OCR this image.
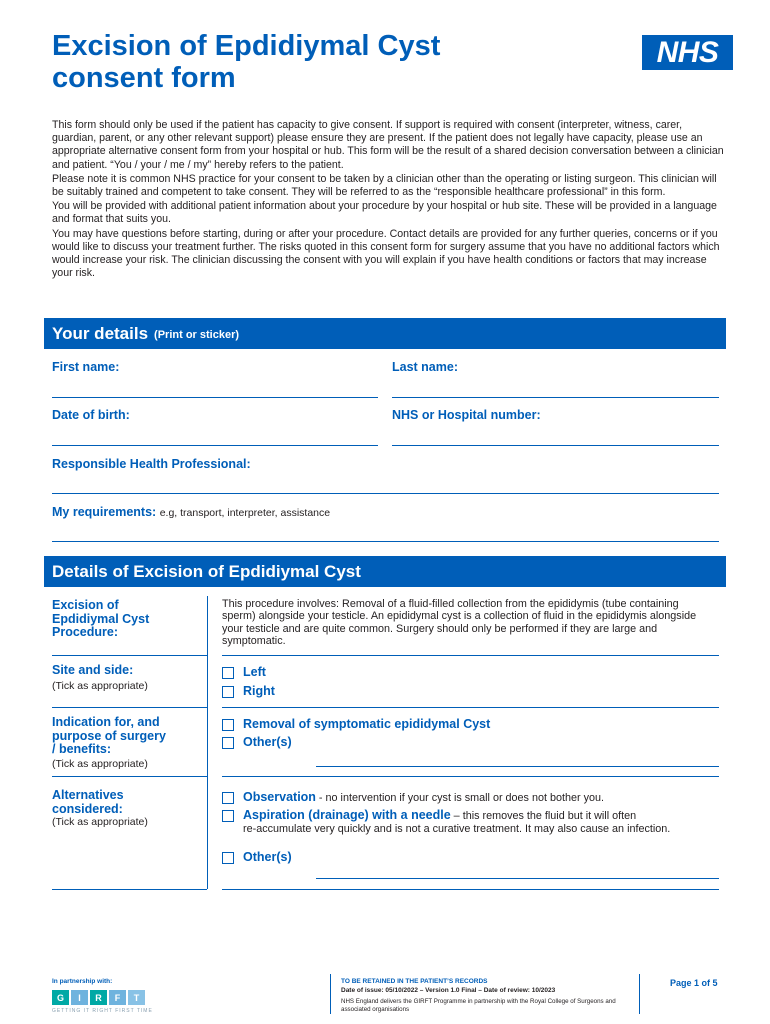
Excision of Epdidiymal Cyst
consent form
NHS

This form should only be used if the patient has capacity to give consent. If support is required with consent (interpreter, witness, carer, guardian, parent, or any other relevant support) please ensure they are present. If the patient does not legally have capacity, please use an appropriate alternative consent form from your hospital or hub. This form will be the result of a shared decision conversation between a clinician and patient. “You / your / me / my” hereby refers to the patient.

Please note it is common NHS practice for your consent to be taken by a clinician other than the operating or listing surgeon. This clinician will be suitably trained and competent to take consent. They will be referred to as the “responsible healthcare professional” in this form.

You will be provided with additional patient information about your procedure by your hospital or hub site. These will be provided in a language and format that suits you.

You may have questions before starting, during or after your procedure. Contact details are provided for any further queries, concerns or if you would like to discuss your treatment further. The risks quoted in this consent form for surgery assume that you have no additional factors which would increase your risk. The clinician discussing the consent with you will explain if you have health conditions or factors that may increase your risk.

Your details (Print or sticker)
First name:	Last name:
Date of birth:	NHS or Hospital number:
Responsible Health Professional:
My requirements: e.g, transport, interpreter, assistance
Details of Excision of Epdidiymal Cyst
Excision of
Epdidiymal Cyst
Procedure:
This procedure involves: Removal of a fluid-filled collection from the epididymis (tube containing sperm) alongside your testicle. An epididymal cyst is a collection of fluid in the epididymis alongside your testicle and are quite common. Surgery should only be performed if they are large and symptomatic.
Site and side:
(Tick as appropriate)
Left
Right
Indication for, and
purpose of surgery
/ benefits:
(Tick as appropriate)
Removal of symptomatic epididymal Cyst
Other(s)
Alternatives
considered:
(Tick as appropriate)
Observation - no intervention if your cyst is small or does not bother you.
Aspiration (drainage) with a needle – this removes the fluid but it will often
re-accumulate very quickly and is not a curative treatment. It may also cause an infection.
Other(s)
In partnership with:
G	I	R	F	T
GETTING IT RIGHT FIRST TIME
TO BE RETAINED IN THE PATIENT’S RECORDS
Date of issue: 05/10/2022 – Version 1.0 Final – Date of review: 10/2023
NHS England delivers the GIRFT Programme in partnership with the Royal College of Surgeons and associated organisations
Page 1 of 5
